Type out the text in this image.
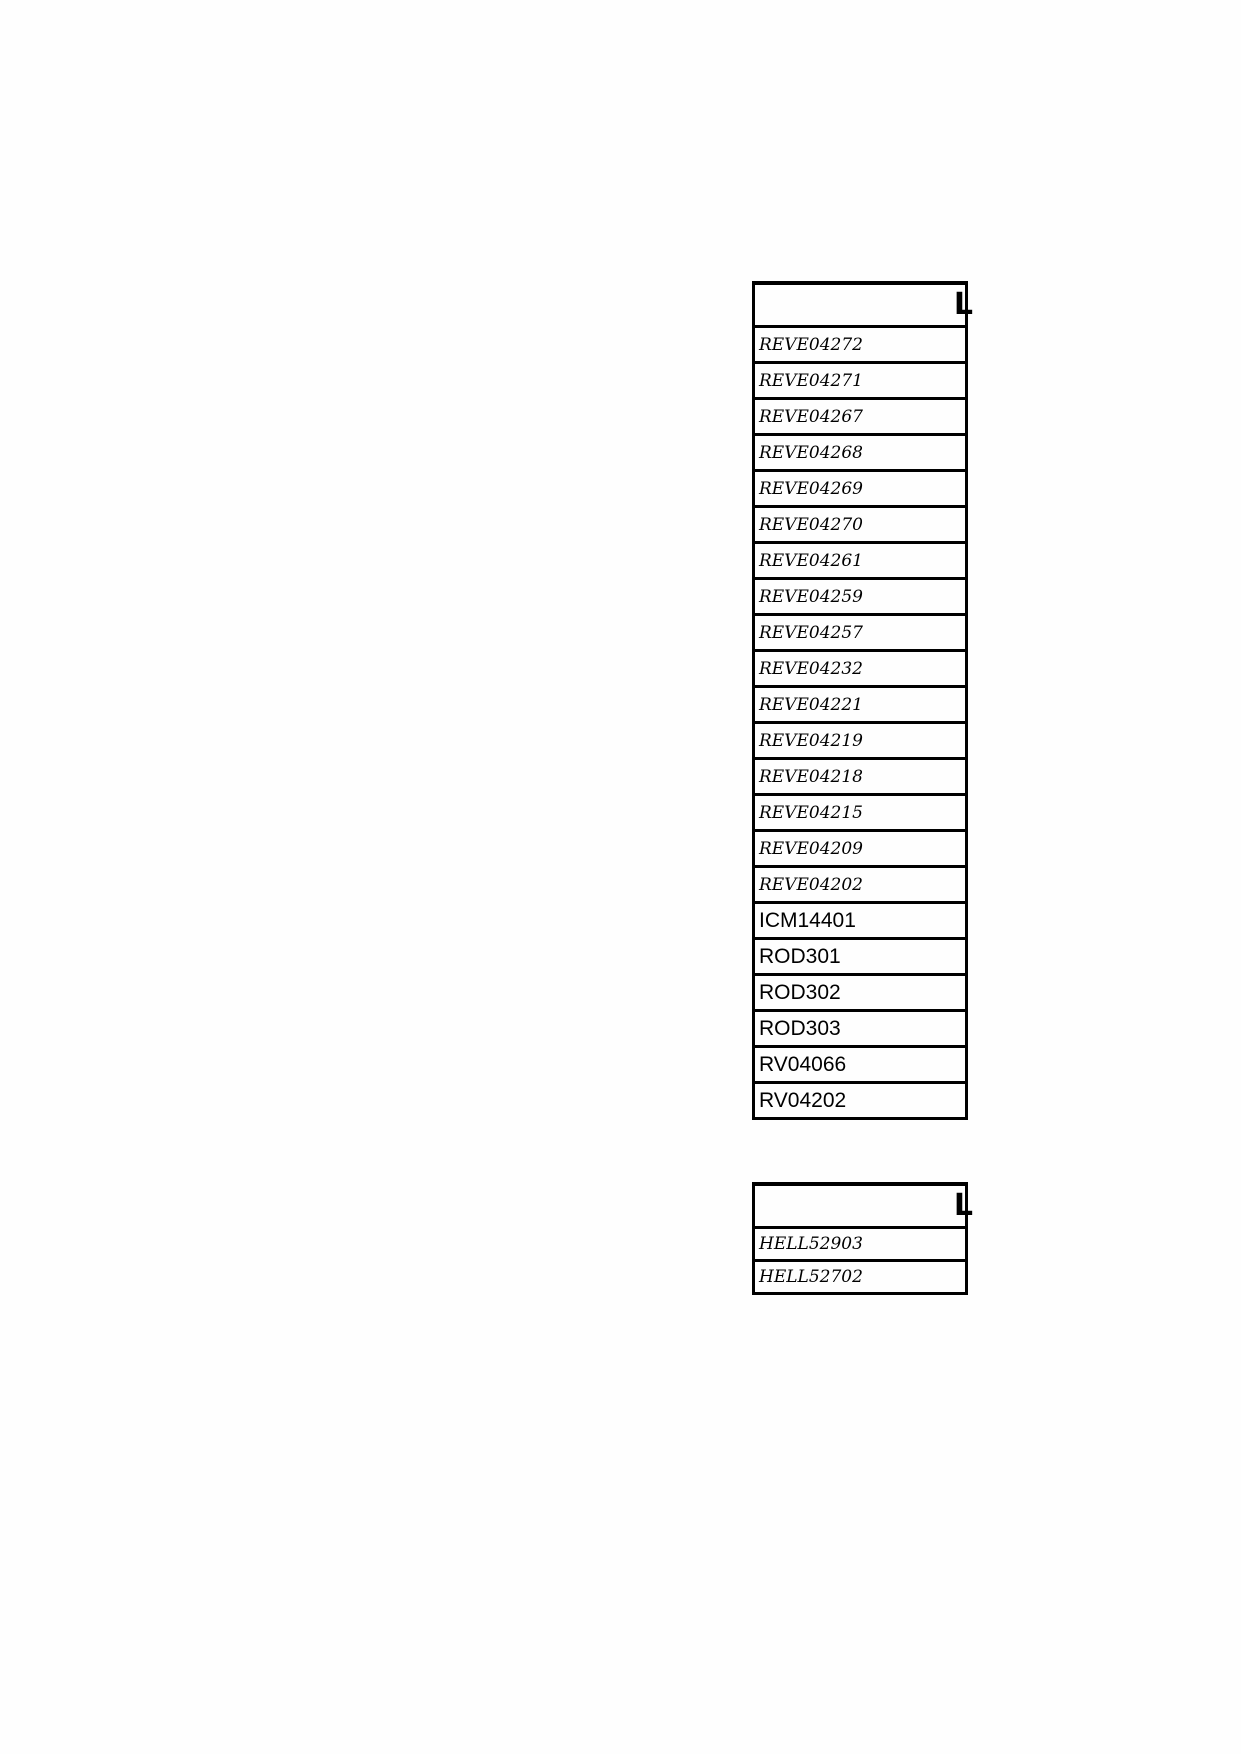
L
REVE04272
REVE04271
REVE04267
REVE04268
REVE04269
REVE04270
REVE04261
REVE04259
REVE04257
REVE04232
REVE04221
REVE04219
REVE04218
REVE04215
REVE04209
REVE04202
ICM14401
ROD301
ROD302
ROD303
RV04066
RV04202
L
HELL52903
HELL52702
